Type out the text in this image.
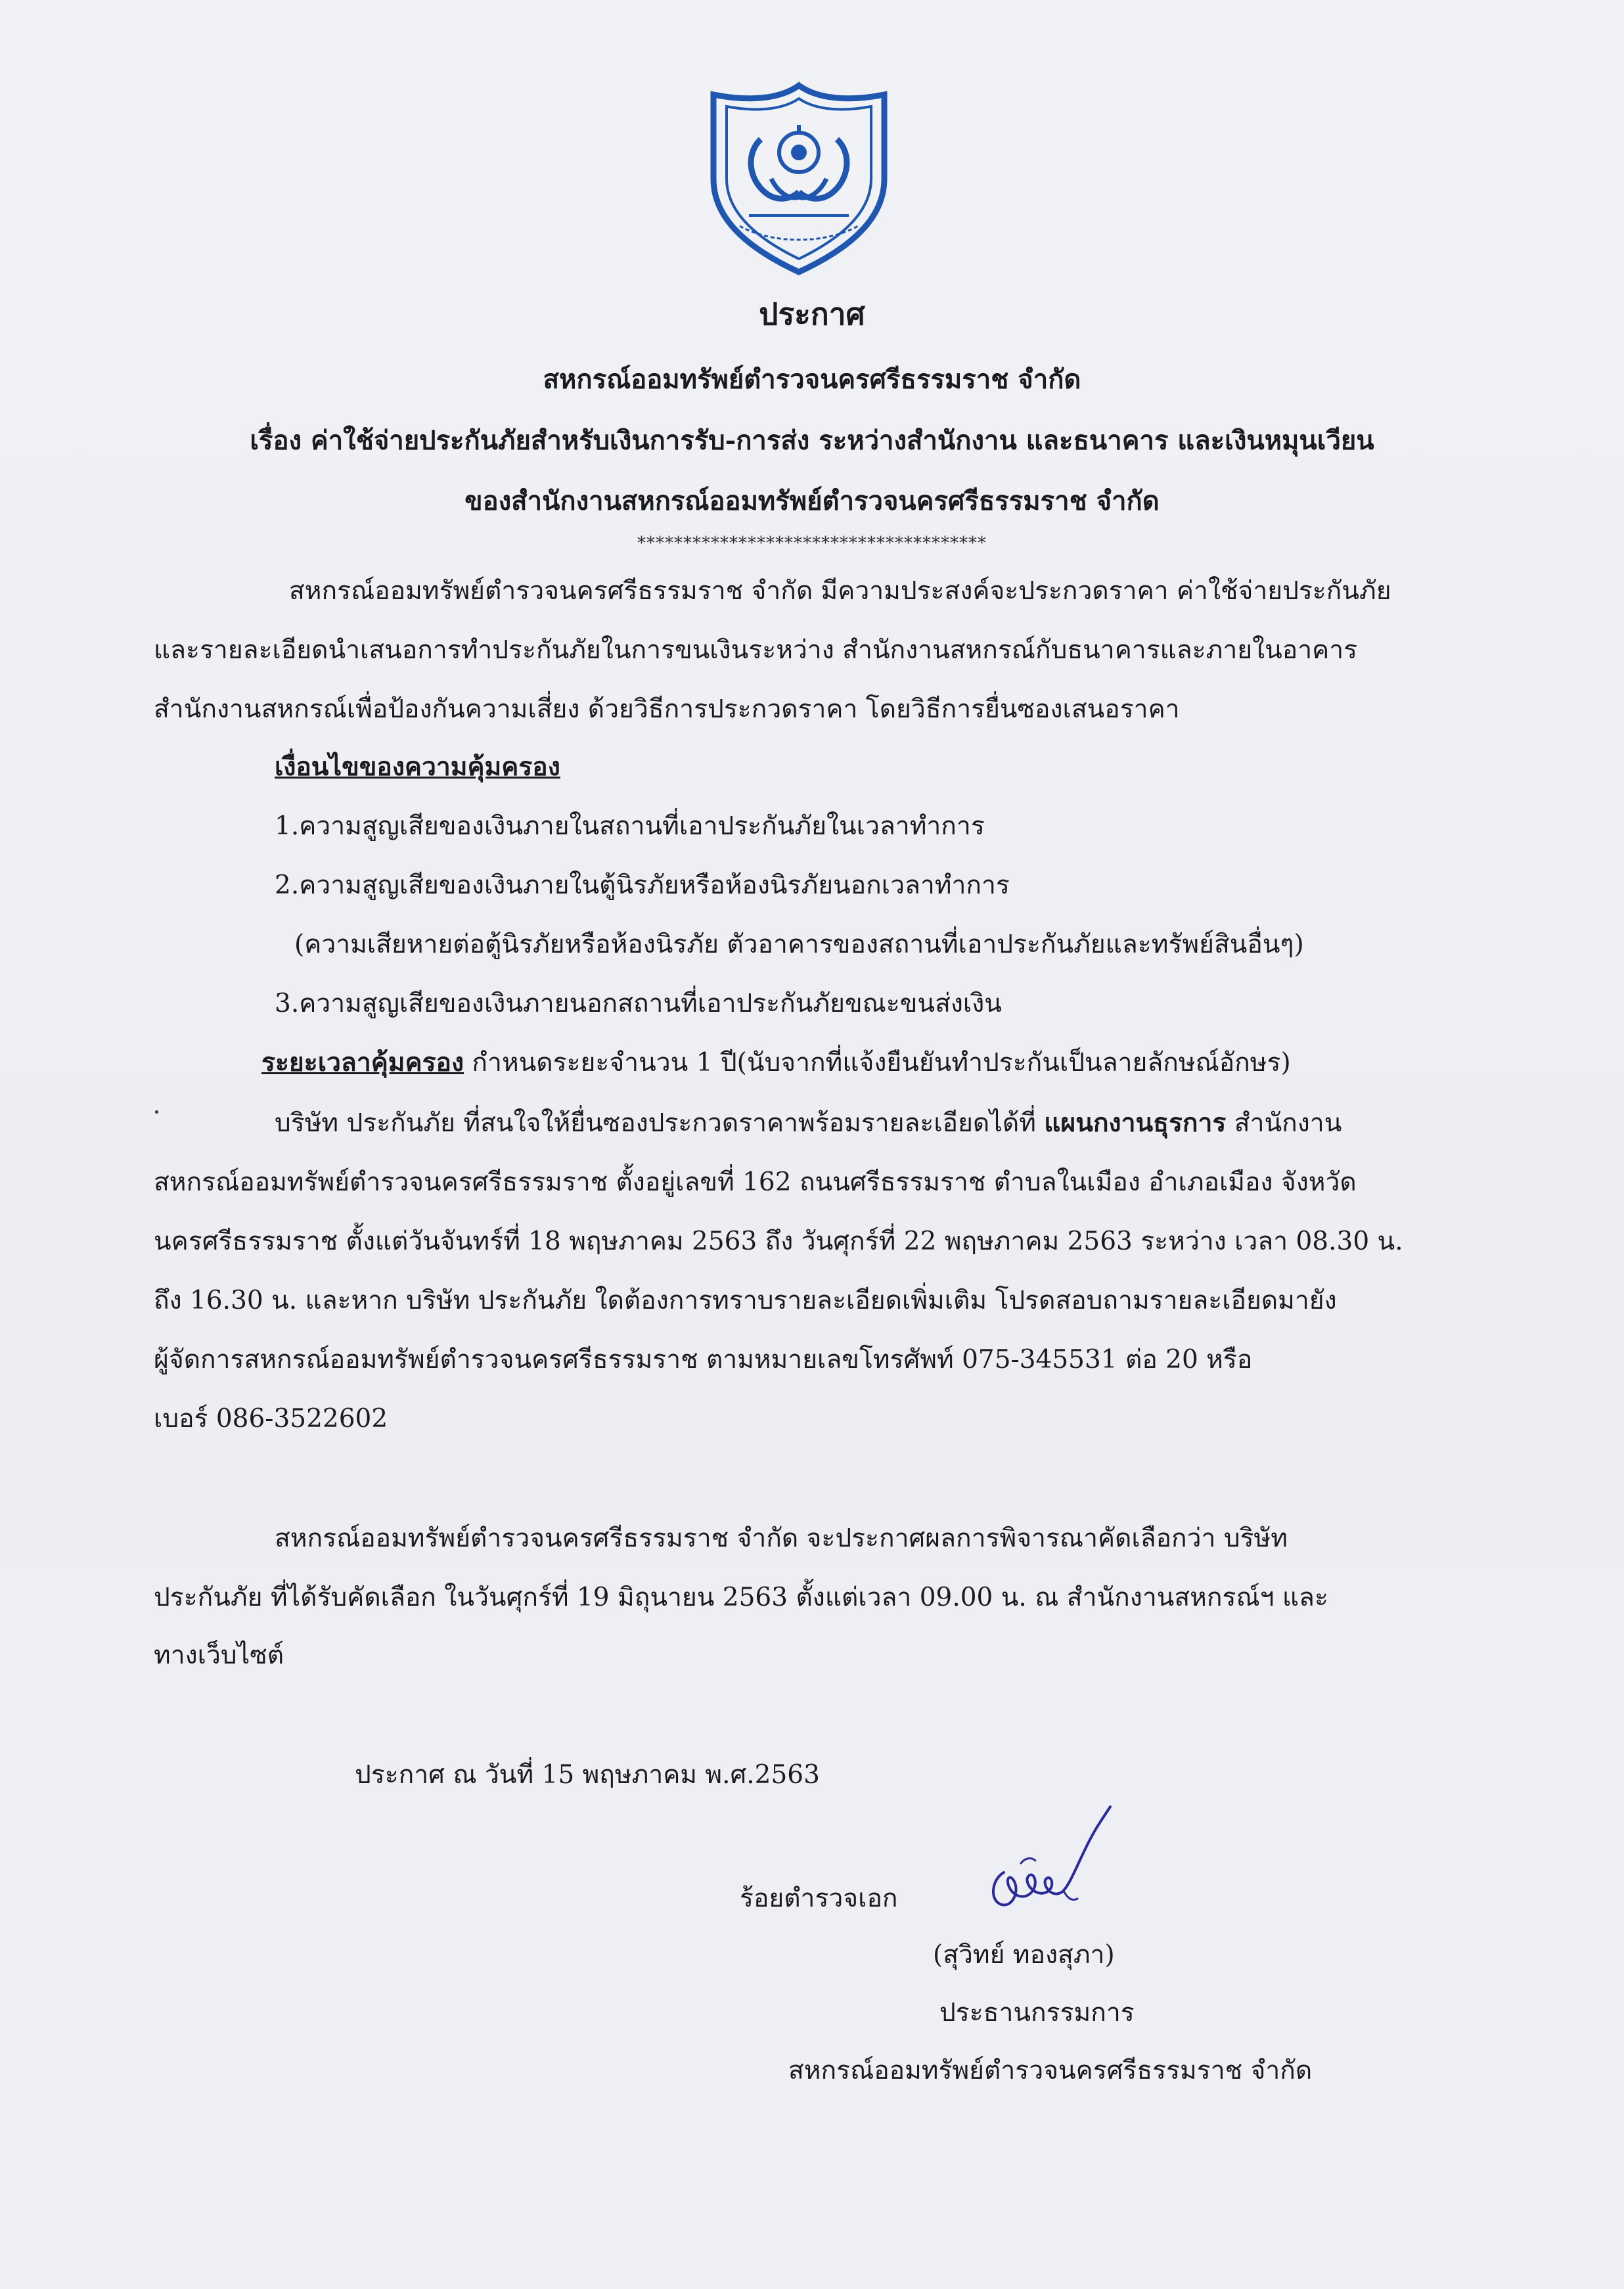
ประกาศ
สหกรณ์ออมทรัพย์ตำรวจนครศรีธรรมราช จำกัด
เรื่อง ค่าใช้จ่ายประกันภัยสำหรับเงินการรับ-การส่ง ระหว่างสำนักงาน และธนาคาร และเงินหมุนเวียน
ของสำนักงานสหกรณ์ออมทรัพย์ตำรวจนครศรีธรรมราช จำกัด
**************************************
สหกรณ์ออมทรัพย์ตำรวจนครศรีธรรมราช จำกัด มีความประสงค์จะประกวดราคา ค่าใช้จ่ายประกันภัย
และรายละเอียดนำเสนอการทำประกันภัยในการขนเงินระหว่าง สำนักงานสหกรณ์กับธนาคารและภายในอาคาร
สำนักงานสหกรณ์เพื่อป้องกันความเสี่ยง ด้วยวิธีการประกวดราคา โดยวิธีการยื่นซองเสนอราคา
เงื่อนไขของความคุ้มครอง
1.ความสูญเสียของเงินภายในสถานที่เอาประกันภัยในเวลาทำการ
2.ความสูญเสียของเงินภายในตู้นิรภัยหรือห้องนิรภัยนอกเวลาทำการ
(ความเสียหายต่อตู้นิรภัยหรือห้องนิรภัย ตัวอาคารของสถานที่เอาประกันภัยและทรัพย์สินอื่นๆ)
3.ความสูญเสียของเงินภายนอกสถานที่เอาประกันภัยขณะขนส่งเงิน
ระยะเวลาคุ้มครอง กำหนดระยะจำนวน 1 ปี(นับจากที่แจ้งยืนยันทำประกันเป็นลายลักษณ์อักษร)
บริษัท ประกันภัย ที่สนใจให้ยื่นซองประกวดราคาพร้อมรายละเอียดได้ที่ แผนกงานธุรการ สำนักงาน
สหกรณ์ออมทรัพย์ตำรวจนครศรีธรรมราช ตั้งอยู่เลขที่ 162 ถนนศรีธรรมราช ตำบลในเมือง อำเภอเมือง จังหวัด
นครศรีธรรมราช ตั้งแต่วันจันทร์ที่ 18 พฤษภาคม 2563 ถึง วันศุกร์ที่ 22 พฤษภาคม 2563 ระหว่าง เวลา 08.30 น.
ถึง 16.30 น. และหาก บริษัท ประกันภัย ใดต้องการทราบรายละเอียดเพิ่มเติม โปรดสอบถามรายละเอียดมายัง
ผู้จัดการสหกรณ์ออมทรัพย์ตำรวจนครศรีธรรมราช ตามหมายเลขโทรศัพท์ 075-345531 ต่อ 20 หรือ
เบอร์ 086-3522602
สหกรณ์ออมทรัพย์ตำรวจนครศรีธรรมราช จำกัด จะประกาศผลการพิจารณาคัดเลือกว่า บริษัท
ประกันภัย ที่ได้รับคัดเลือก ในวันศุกร์ที่ 19 มิถุนายน 2563 ตั้งแต่เวลา 09.00 น. ณ สำนักงานสหกรณ์ฯ และ
ทางเว็บไซต์
ประกาศ ณ วันที่ 15 พฤษภาคม พ.ศ.2563
ร้อยตำรวจเอก
(สุวิทย์ ทองสุภา)
ประธานกรรมการ
สหกรณ์ออมทรัพย์ตำรวจนครศรีธรรมราช จำกัด
